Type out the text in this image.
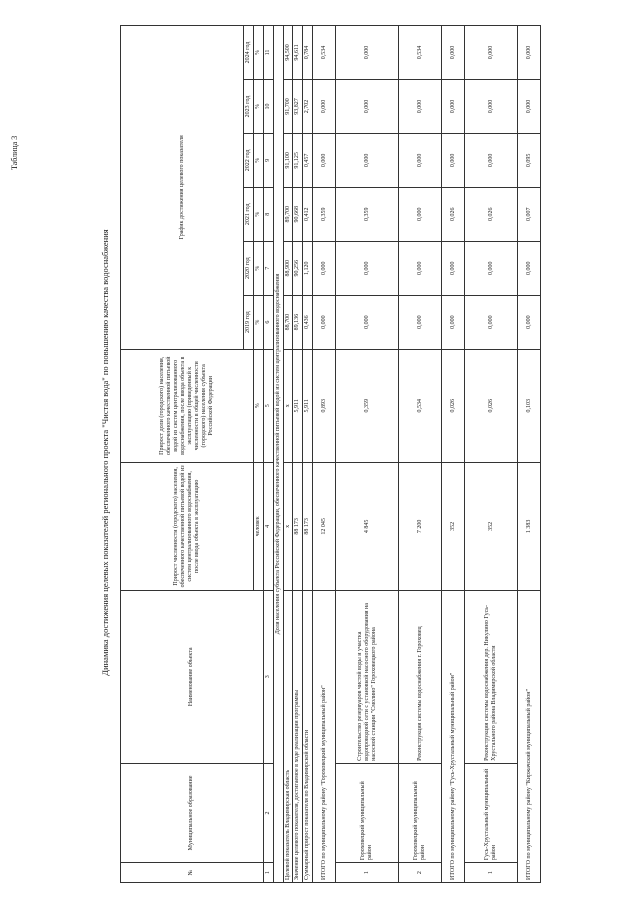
Таблица 3
Динамика достижения целевых показателей регионального проекта "Чистая вода" по повышению качества водоснабжения
№	Муниципальное образование	Наименование объекта	Прирост численности (городского) населения, обеспеченного качественной питьевой водой из систем централизованного водоснабжения, после ввода объекта в эксплуатацию	Прирост доли (городского) населения, обеспеченного качественной питьевой водой из систем централизованного водоснабжения, после ввода объекта в эксплуатацию (приведенный к численности в общей численности (городского) населения субъекта Российской Федерации	График достижения целевого показателя					
					2019 год	2020 год	2021 год	2022 год	2023 год	2024 год
			человек	%	%	%	%	%	%	%
1	2	3	4	5	6	7	8	9	10	11
Доля населения субъекта Российской Федерации, обеспеченного качественной питьевой водой из систем централизованного водоснабжения										
Целевой показатель Владимирская область			х	х	88,700	88,900	89,700	91,100	91,700	94,500
Значение целевого показателя, достигаемое в ходе реализации программы			88 173	5,911	89,136	90,256	90,668	91,125	93,827	94,611
Суммарный прирост показателя по Владимирской области			88 173	5,911	0,436	1,120	0,412	0,457	2,702	0,784
ИТОГО по муниципальному району "Гороховецкий муниципальный район"			12 045	0,893	0,000	0,000	0,359	0,000	0,000	0,534
1	Гороховецкий муниципальный район	Строительство резервуаров чистой воды и участка водопроводной сети с установкой насосного оборудования на насосной станции "Смолино" Гороховецкого района	4 845	0,359	0,000	0,000	0,359	0,000	0,000	0,000
2	Гороховецкий муниципальный район	Реконструкция системы водоснабжения г. Гороховец	7 200	0,534	0,000	0,000	0,000	0,000	0,000	0,534
ИТОГО по муниципальному району "Гусь-Хрустальный муниципальный район"			352	0,026	0,000	0,000	0,026	0,000	0,000	0,000
1	Гусь-Хрустальный муниципальный район	Реконструкция системы водоснабжения дер. Никулино Гусь-Хрустального района Владимирской области	352	0,026	0,000	0,000	0,026	0,000	0,000	0,000
ИТОГО по муниципальному району "Киржачский муниципальный район"			1 383	0,103	0,000	0,000	0,007	0,095	0,000	0,000
